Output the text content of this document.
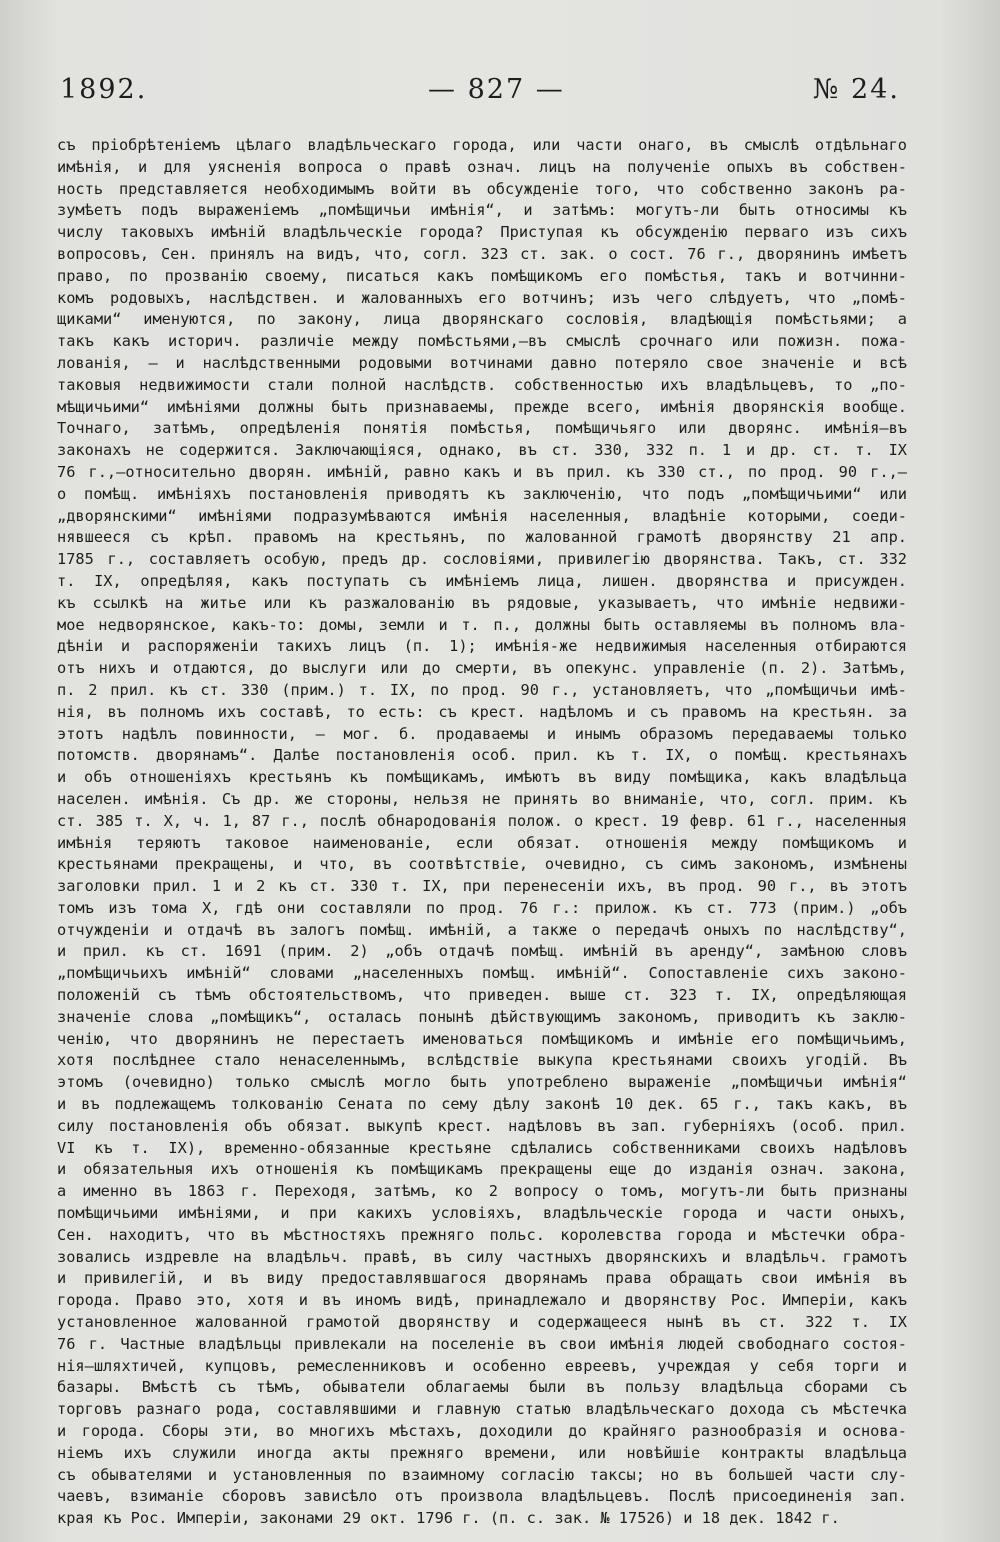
1892.	— 827 —	№ 24.
съ пріобрѣтеніемъ цѣлаго владѣльческаго города, или части онаго, въ смыслѣ отдѣльнаго
имѣнія, и для уясненія вопроса о правѣ означ. лицъ на полученіе опыхъ въ собствен-
ность представляется необходимымъ войти въ обсужденіе того, что собственно законъ ра-
зумѣетъ подъ выраженіемъ „помѣщичьи имѣнія“, и затѣмъ: могутъ-ли быть относимы къ
числу таковыхъ имѣній владѣльческіе города? Приступая къ обсужденію перваго изъ сихъ
вопросовъ, Сен. принялъ на видъ, что, согл. 323 ст. зак. о сост. 76 г., дворянинъ имѣетъ
право, по прозванію своему, писаться какъ помѣщикомъ его помѣстья, такъ и вотчинни-
комъ родовыхъ, наслѣдствен. и жалованныхъ его вотчинъ; изъ чего слѣдуетъ, что „помѣ-
щиками“ именуются, по закону, лица дворянскаго сословія, владѣющія помѣстьями; а
такъ какъ историч. различіе между помѣстьями,—въ смыслѣ срочнаго или пожизн. пожа-
лованія, — и наслѣдственными родовыми вотчинами давно потеряло свое значеніе и всѣ
таковыя недвижимости стали полной наслѣдств. собственностью ихъ владѣльцевъ, то „по-
мѣщичьими“ имѣніями должны быть признаваемы, прежде всего, имѣнія дворянскія вообще.
Точнаго, затѣмъ, опредѣленія понятія помѣстья, помѣщичьяго или дворянс. имѣнія—въ
законахъ не содержится. Заключающіяся, однако, въ ст. 330, 332 п. 1 и др. ст. т. IX
76 г.,—относительно дворян. имѣній, равно какъ и въ прил. къ 330 ст., по прод. 90 г.,—
о помѣщ. имѣніяхъ постановленія приводятъ къ заключенію, что подъ „помѣщичьими“ или
„дворянскими“ имѣніями подразумѣваются имѣнія населенныя, владѣніе которыми, соеди-
нявшееся съ крѣп. правомъ на крестьянъ, по жалованной грамотѣ дворянству 21 апр.
1785 г., составляетъ особую, предъ др. сословіями, привилегію дворянства. Такъ, ст. 332
т. IX, опредѣляя, какъ поступать съ имѣніемъ лица, лишен. дворянства и присужден.
къ ссылкѣ на житье или къ разжалованію въ рядовые, указываетъ, что имѣніе недвижи-
мое недворянское, какъ-то: домы, земли и т. п., должны быть оставляемы въ полномъ вла-
дѣніи и распоряженіи такихъ лицъ (п. 1); имѣнія-же недвижимыя населенныя отбираются
отъ нихъ и отдаются, до выслуги или до смерти, въ опекунс. управленіе (п. 2). Затѣмъ,
п. 2 прил. къ ст. 330 (прим.) т. IX, по прод. 90 г., установляетъ, что „помѣщичьи имѣ-
нія, въ полномъ ихъ составѣ, то есть: съ крест. надѣломъ и съ правомъ на крестьян. за
этотъ надѣлъ повинности, — мог. б. продаваемы и инымъ образомъ передаваемы только
потомств. дворянамъ“. Далѣе постановленія особ. прил. къ т. IX, о помѣщ. крестьянахъ
и объ отношеніяхъ крестьянъ къ помѣщикамъ, имѣютъ въ виду помѣщика, какъ владѣльца
населен. имѣнія. Съ др. же стороны, нельзя не принять во вниманіе, что, согл. прим. къ
ст. 385 т. X, ч. 1, 87 г., послѣ обнародованія полож. о крест. 19 февр. 61 г., населенныя
имѣнія теряютъ таковое наименованіе, если обязат. отношенія между помѣщикомъ и
крестьянами прекращены, и что, въ соотвѣтствіе, очевидно, съ симъ закономъ, измѣнены
заголовки прил. 1 и 2 къ ст. 330 т. IX, при перенесеніи ихъ, въ прод. 90 г., въ этотъ
томъ изъ тома X, гдѣ они составляли по прод. 76 г.: прилож. къ ст. 773 (прим.) „объ
отчужденіи и отдачѣ въ залогъ помѣщ. имѣній, а также о передачѣ оныхъ по наслѣдству“,
и прил. къ ст. 1691 (прим. 2) „объ отдачѣ помѣщ. имѣній въ аренду“, замѣною словъ
„помѣщичьихъ имѣній“ словами „населенныхъ помѣщ. имѣній“. Сопоставленіе сихъ законо-
положеній съ тѣмъ обстоятельствомъ, что приведен. выше ст. 323 т. IX, опредѣляющая
значеніе слова „помѣщикъ“, осталась понынѣ дѣйствующимъ закономъ, приводитъ къ заклю-
ченію, что дворянинъ не перестаетъ именоваться помѣщикомъ и имѣніе его помѣщичьимъ,
хотя послѣднее стало ненаселеннымъ, вслѣдствіе выкупа крестьянами своихъ угодій. Въ
этомъ (очевидно) только смыслѣ могло быть употреблено выраженіе „помѣщичьи имѣнія“
и въ подлежащемъ толкованію Сената по сему дѣлу законѣ 10 дек. 65 г., такъ какъ, въ
силу постановленія объ обязат. выкупѣ крест. надѣловъ въ зап. губерніяхъ (особ. прил.
VI къ т. IX), временно-обязанные крестьяне сдѣлались собственниками своихъ надѣловъ
и обязательныя ихъ отношенія къ помѣщикамъ прекращены еще до изданія означ. закона,
а именно въ 1863 г. Переходя, затѣмъ, ко 2 вопросу о томъ, могутъ-ли быть признаны
помѣщичьими имѣніями, и при какихъ условіяхъ, владѣльческіе города и части оныхъ,
Сен. находитъ, что въ мѣстностяхъ прежняго польс. королевства города и мѣстечки обра-
зовались издревле на владѣльч. правѣ, въ силу частныхъ дворянскихъ и владѣльч. грамотъ
и привилегій, и въ виду предоставлявшагося дворянамъ права обращать свои имѣнія въ
города. Право это, хотя и въ иномъ видѣ, принадлежало и дворянству Рос. Имперіи, какъ
установленное жалованной грамотой дворянству и содержащееся нынѣ въ ст. 322 т. IX
76 г. Частные владѣльцы привлекали на поселеніе въ свои имѣнія людей свободнаго состоя-
нія—шляхтичей, купцовъ, ремесленниковъ и особенно евреевъ, учреждая у себя торги и
базары. Вмѣстѣ съ тѣмъ, обыватели облагаемы были въ пользу владѣльца сборами съ
торговъ разнаго рода, составлявшими и главную статью владѣльческаго дохода съ мѣстечка
и города. Сборы эти, во многихъ мѣстахъ, доходили до крайняго разнообразія и основа-
ніемъ ихъ служили иногда акты прежняго времени, или новѣйшіе контракты владѣльца
съ обывателями и установленныя по взаимному согласію таксы; но въ большей части слу-
чаевъ, взиманіе сборовъ зависѣло отъ произвола владѣльцевъ. Послѣ присоединенія зап.
края къ Рос. Имперіи, законами 29 окт. 1796 г. (п. с. зак. № 17526) и 18 дек. 1842 г.
